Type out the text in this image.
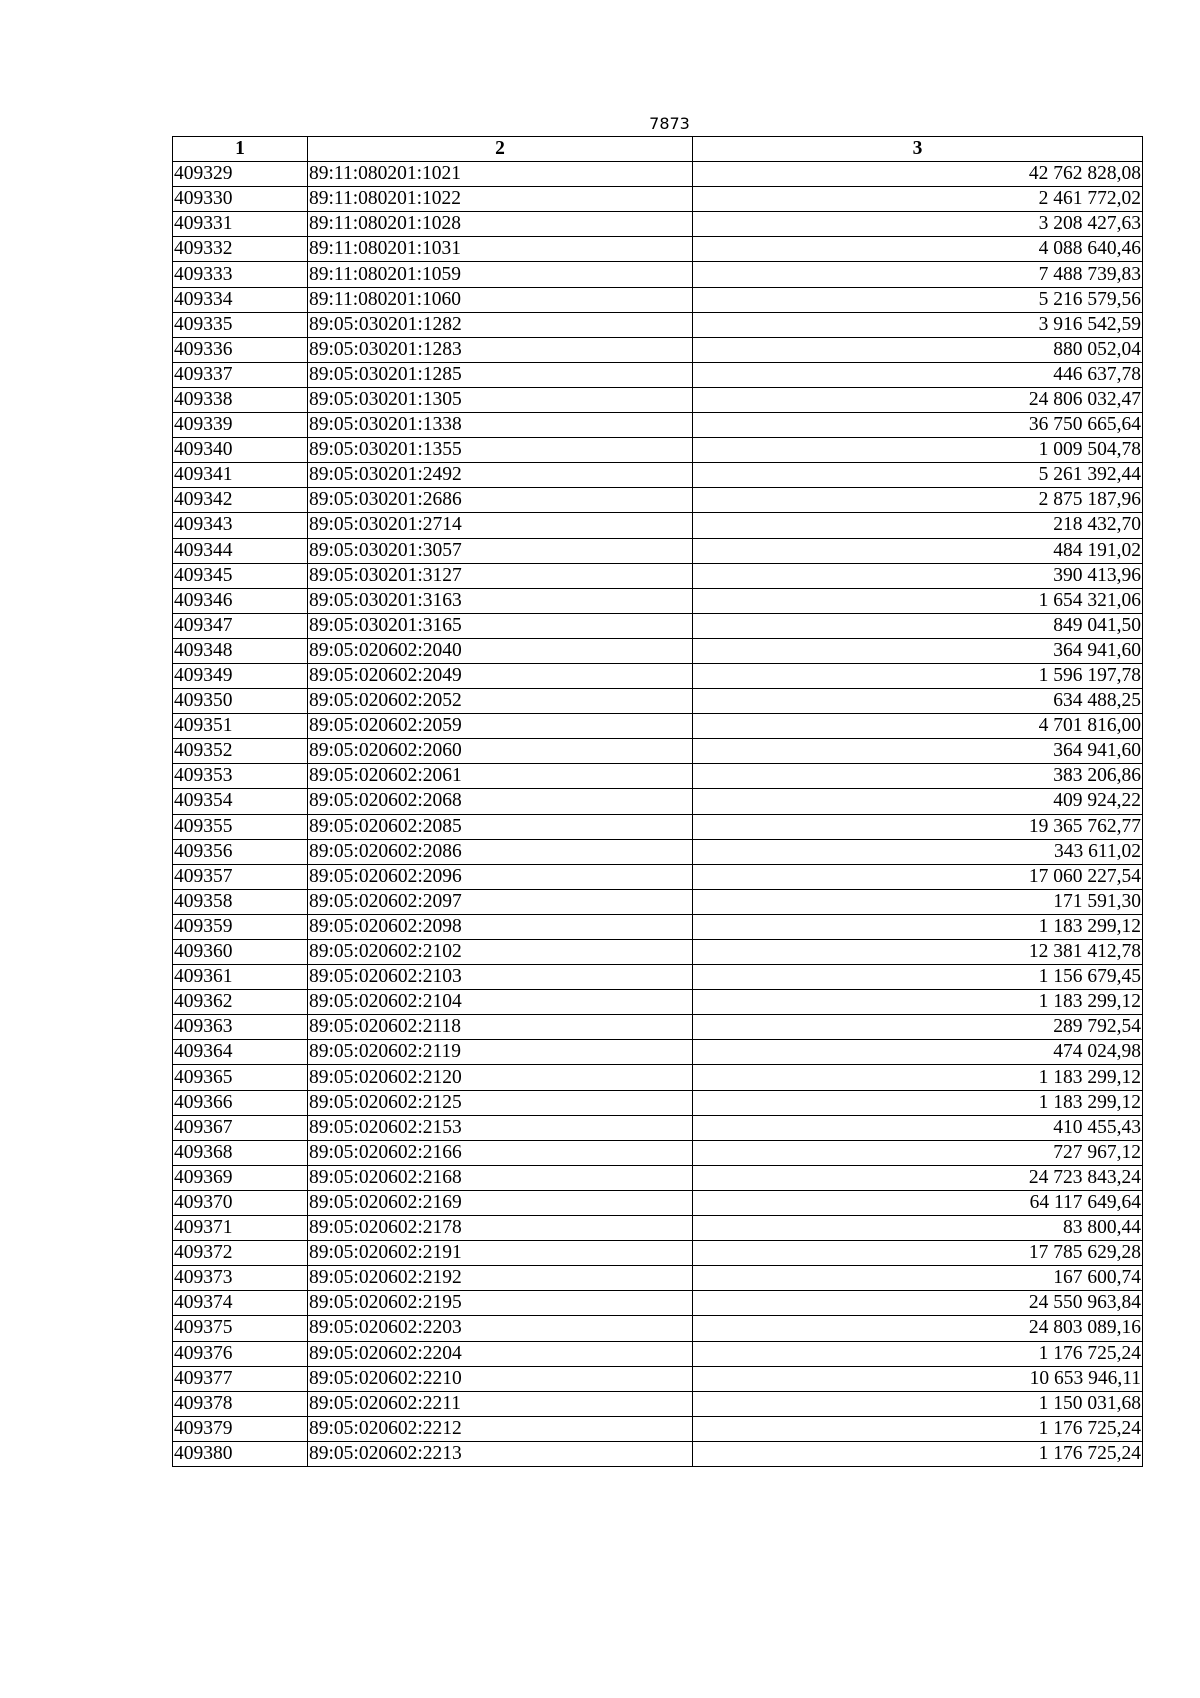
7873
1	2	3
409329	89:11:080201:1021	42 762 828,08
409330	89:11:080201:1022	2 461 772,02
409331	89:11:080201:1028	3 208 427,63
409332	89:11:080201:1031	4 088 640,46
409333	89:11:080201:1059	7 488 739,83
409334	89:11:080201:1060	5 216 579,56
409335	89:05:030201:1282	3 916 542,59
409336	89:05:030201:1283	880 052,04
409337	89:05:030201:1285	446 637,78
409338	89:05:030201:1305	24 806 032,47
409339	89:05:030201:1338	36 750 665,64
409340	89:05:030201:1355	1 009 504,78
409341	89:05:030201:2492	5 261 392,44
409342	89:05:030201:2686	2 875 187,96
409343	89:05:030201:2714	218 432,70
409344	89:05:030201:3057	484 191,02
409345	89:05:030201:3127	390 413,96
409346	89:05:030201:3163	1 654 321,06
409347	89:05:030201:3165	849 041,50
409348	89:05:020602:2040	364 941,60
409349	89:05:020602:2049	1 596 197,78
409350	89:05:020602:2052	634 488,25
409351	89:05:020602:2059	4 701 816,00
409352	89:05:020602:2060	364 941,60
409353	89:05:020602:2061	383 206,86
409354	89:05:020602:2068	409 924,22
409355	89:05:020602:2085	19 365 762,77
409356	89:05:020602:2086	343 611,02
409357	89:05:020602:2096	17 060 227,54
409358	89:05:020602:2097	171 591,30
409359	89:05:020602:2098	1 183 299,12
409360	89:05:020602:2102	12 381 412,78
409361	89:05:020602:2103	1 156 679,45
409362	89:05:020602:2104	1 183 299,12
409363	89:05:020602:2118	289 792,54
409364	89:05:020602:2119	474 024,98
409365	89:05:020602:2120	1 183 299,12
409366	89:05:020602:2125	1 183 299,12
409367	89:05:020602:2153	410 455,43
409368	89:05:020602:2166	727 967,12
409369	89:05:020602:2168	24 723 843,24
409370	89:05:020602:2169	64 117 649,64
409371	89:05:020602:2178	83 800,44
409372	89:05:020602:2191	17 785 629,28
409373	89:05:020602:2192	167 600,74
409374	89:05:020602:2195	24 550 963,84
409375	89:05:020602:2203	24 803 089,16
409376	89:05:020602:2204	1 176 725,24
409377	89:05:020602:2210	10 653 946,11
409378	89:05:020602:2211	1 150 031,68
409379	89:05:020602:2212	1 176 725,24
409380	89:05:020602:2213	1 176 725,24
